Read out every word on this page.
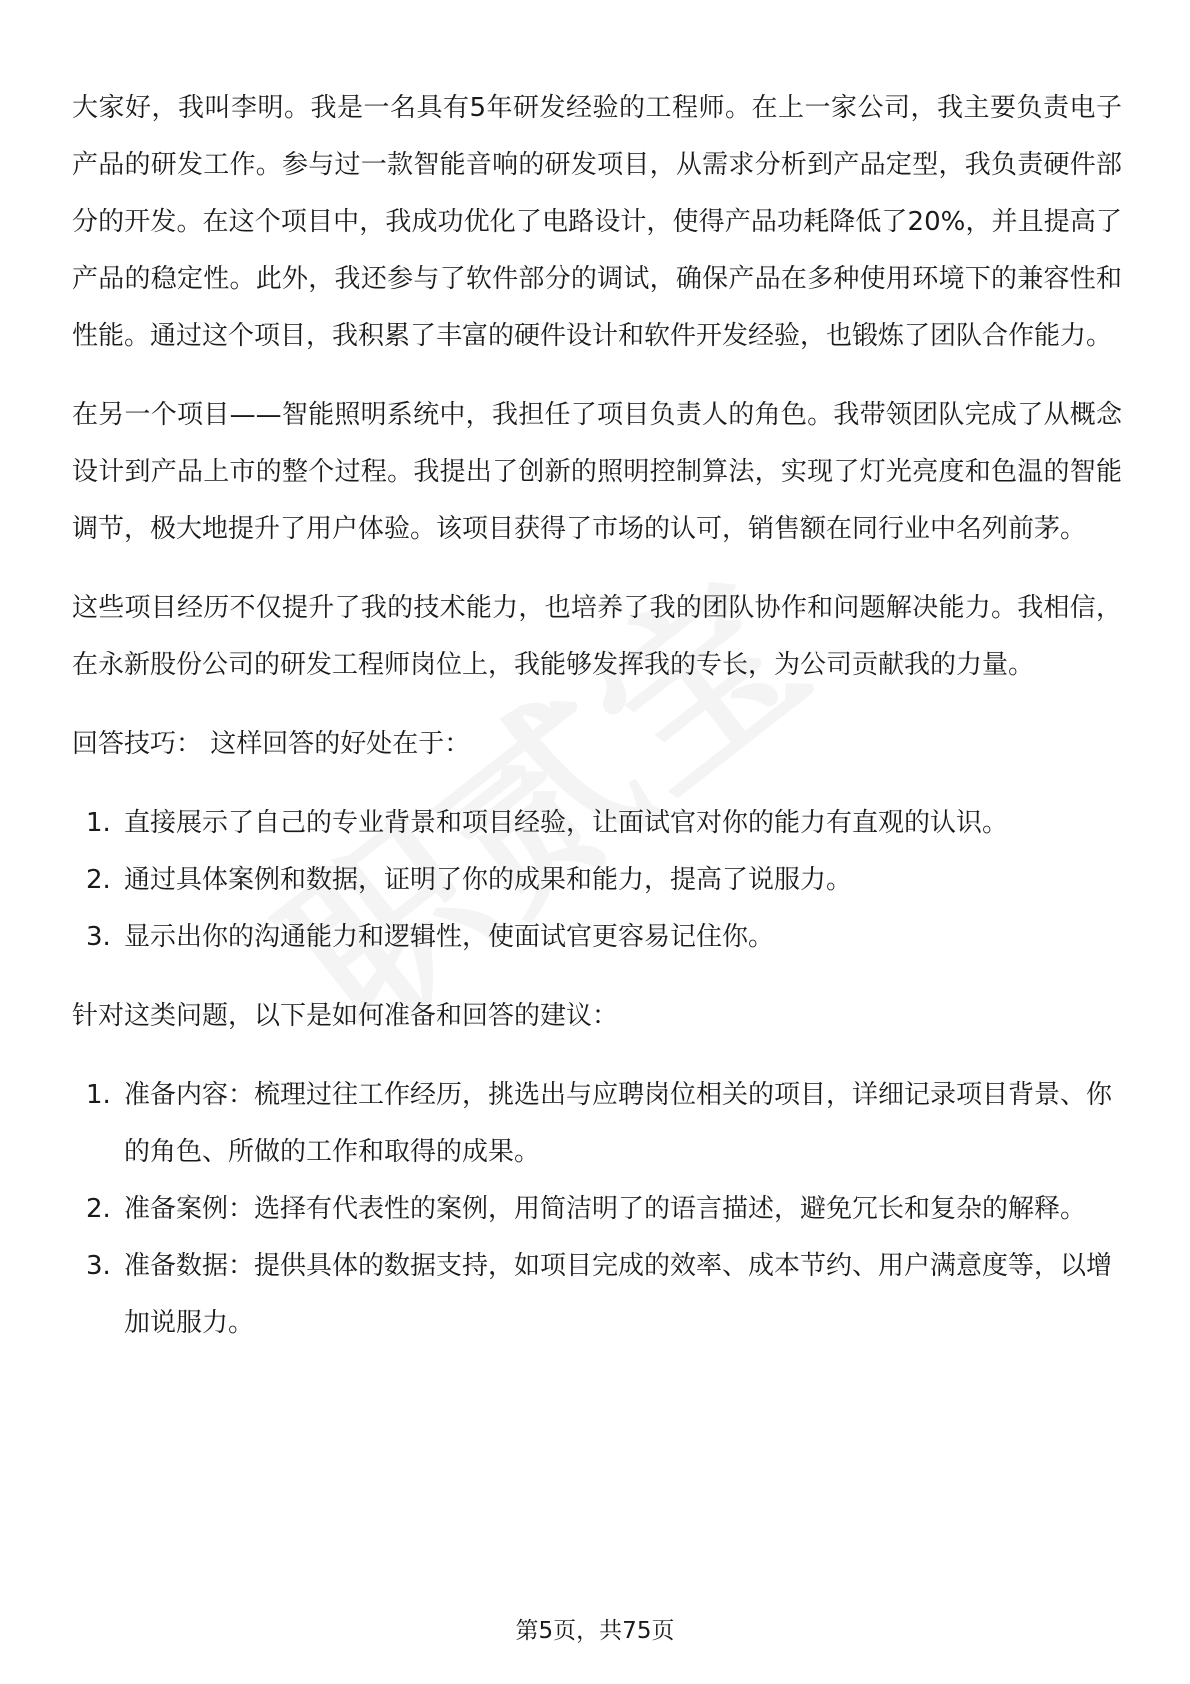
大家好，我叫李明。我是一名具有5年研发经验的工程师。在上一家公司，我主要负责电子产品的研发工作。参与过一款智能音响的研发项目，从需求分析到产品定型，我负责硬件部分的开发。在这个项目中，我成功优化了电路设计，使得产品功耗降低了20%，并且提高了产品的稳定性。此外，我还参与了软件部分的调试，确保产品在多种使用环境下的兼容性和性能。通过这个项目，我积累了丰富的硬件设计和软件开发经验，也锻炼了团队合作能力。

在另一个项目——智能照明系统中，我担任了项目负责人的角色。我带领团队完成了从概念设计到产品上市的整个过程。我提出了创新的照明控制算法，实现了灯光亮度和色温的智能调节，极大地提升了用户体验。该项目获得了市场的认可，销售额在同行业中名列前茅。

这些项目经历不仅提升了我的技术能力，也培养了我的团队协作和问题解决能力。我相信，在永新股份公司的研发工程师岗位上，我能够发挥我的专长，为公司贡献我的力量。

回答技巧： 这样回答的好处在于：

1. 直接展示了自己的专业背景和项目经验，让面试官对你的能力有直观的认识。
2. 通过具体案例和数据，证明了你的成果和能力，提高了说服力。
3. 显示出你的沟通能力和逻辑性，使面试官更容易记住你。

针对这类问题，以下是如何准备和回答的建议：

1. 准备内容：梳理过往工作经历，挑选出与应聘岗位相关的项目，详细记录项目背景、你的角色、所做的工作和取得的成果。
2. 准备案例：选择有代表性的案例，用简洁明了的语言描述，避免冗长和复杂的解释。
3. 准备数据：提供具体的数据支持，如项目完成的效率、成本节约、用户满意度等，以增加说服力。
第5页，共75页
